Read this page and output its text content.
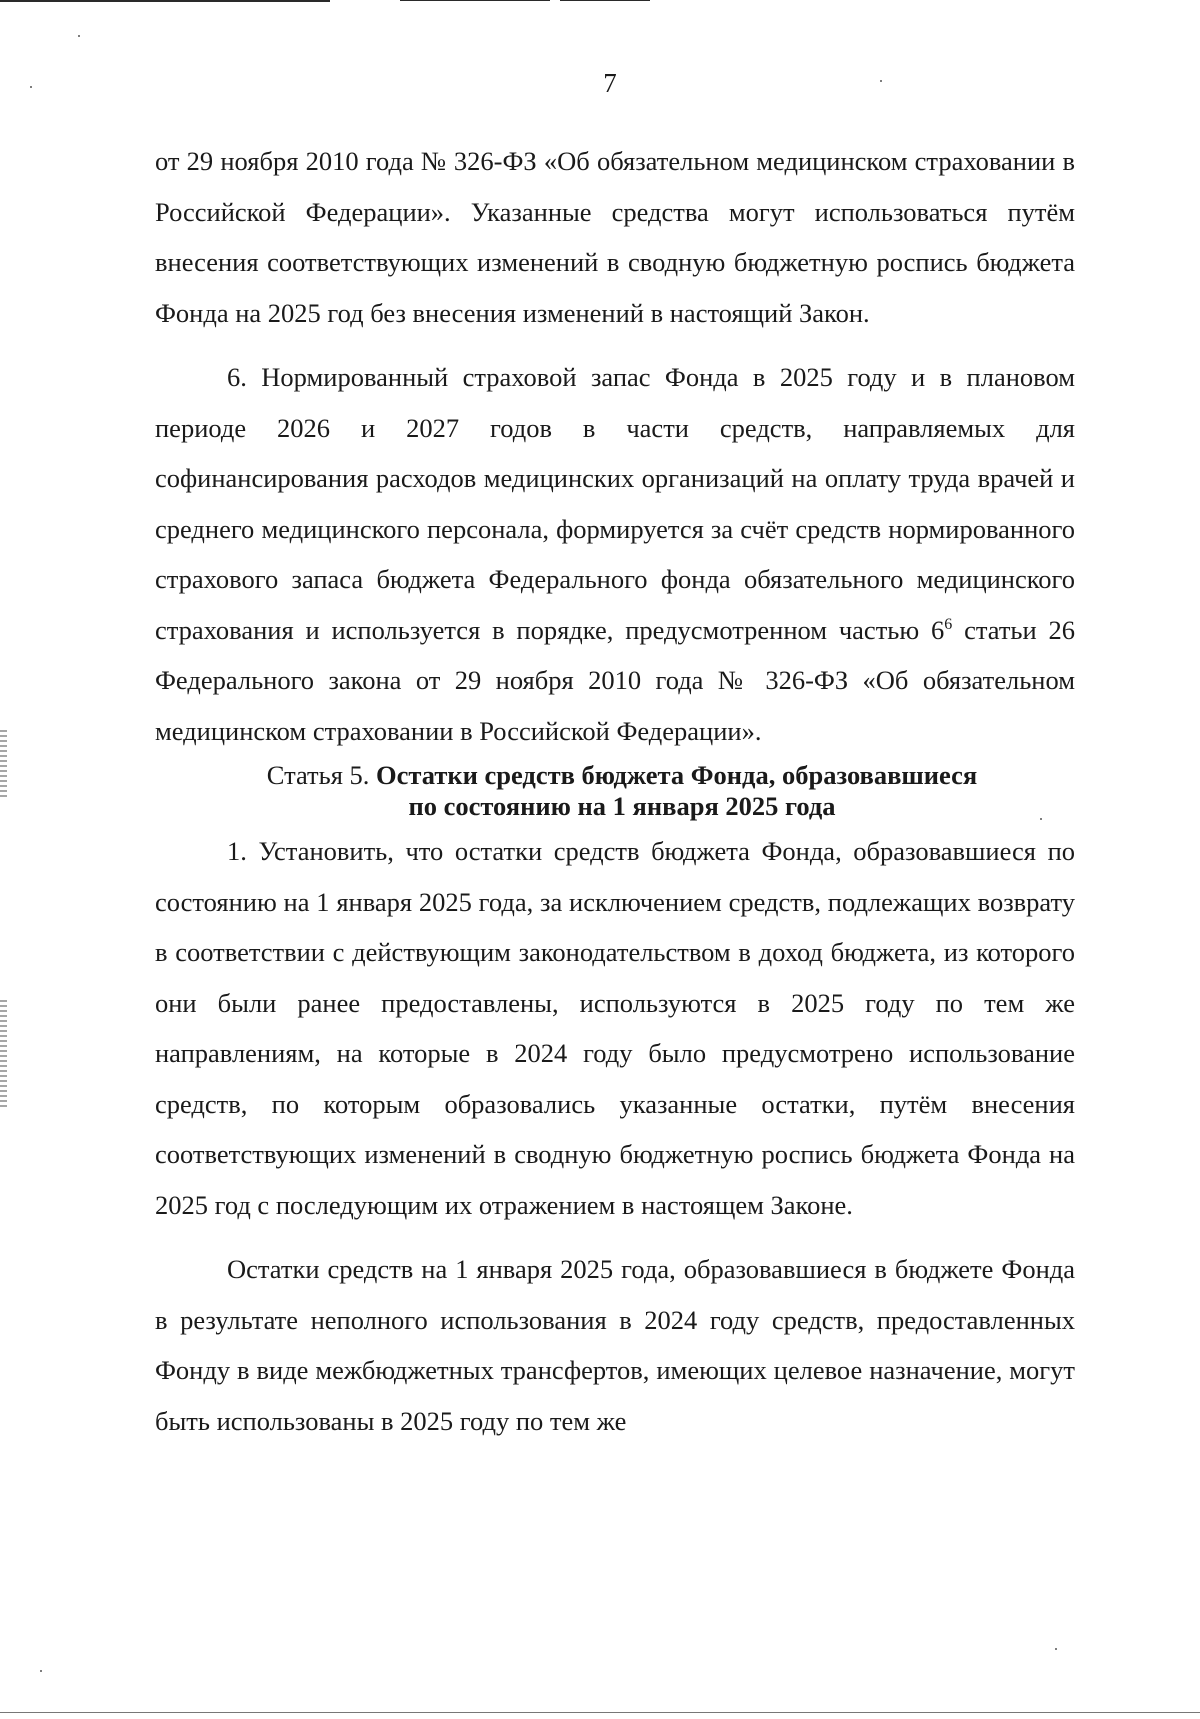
7

от 29 ноября 2010 года № 326-ФЗ «Об обязательном медицинском страховании в Российской Федерации». Указанные средства могут использоваться путём внесения соответствующих изменений в сводную бюджетную роспись бюджета Фонда на 2025 год без внесения изменений в настоящий Закон.

6. Нормированный страховой запас Фонда в 2025 году и в плановом периоде 2026 и 2027 годов в части средств, направляемых для софинансирования расходов медицинских организаций на оплату труда врачей и среднего медицинского персонала, формируется за счёт средств нормированного страхового запаса бюджета Федерального фонда обязательного медицинского страхования и используется в порядке, предусмотренном частью $6^6$ статьи 26 Федерального закона от 29 ноября 2010 года № 326-ФЗ «Об обязательном медицинском страховании в Российской Федерации».

Статья 5. Остатки средств бюджета Фонда, образовавшиеся
по состоянию на 1 января 2025 года

1. Установить, что остатки средств бюджета Фонда, образовавшиеся по состоянию на 1 января 2025 года, за исключением средств, подлежащих возврату в соответствии с действующим законодательством в доход бюджета, из которого они были ранее предоставлены, используются в 2025 году по тем же направлениям, на которые в 2024 году было предусмотрено использование средств, по которым образовались указанные остатки, путём внесения соответствующих изменений в сводную бюджетную роспись бюджета Фонда на 2025 год с последующим их отражением в настоящем Законе.

Остатки средств на 1 января 2025 года, образовавшиеся в бюджете Фонда в результате неполного использования в 2024 году средств, предоставленных Фонду в виде межбюджетных трансфертов, имеющих целевое назначение, могут быть использованы в 2025 году по тем же
